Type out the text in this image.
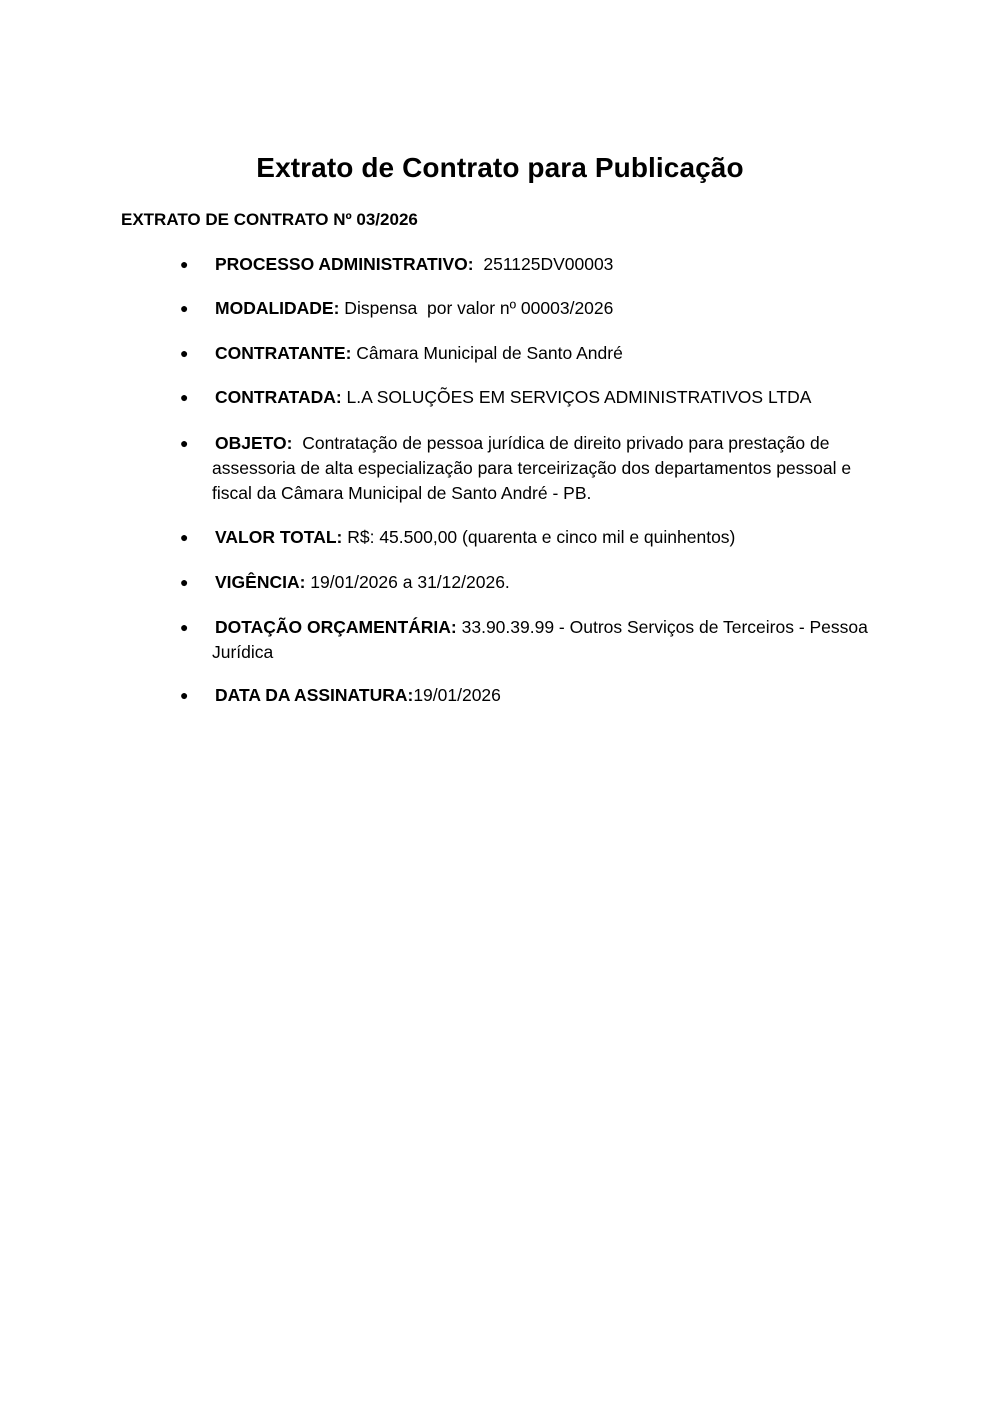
Extrato de Contrato para Publicação

EXTRATO DE CONTRATO Nº 03/2026

● PROCESSO ADMINISTRATIVO:  251125DV00003
● MODALIDADE: Dispensa  por valor nº 00003/2026
● CONTRATANTE: Câmara Municipal de Santo André
● CONTRATADA: L.A SOLUÇÕES EM SERVIÇOS ADMINISTRATIVOS LTDA
● OBJETO:  Contratação de pessoa jurídica de direito privado para prestação de assessoria de alta especialização para terceirização dos departamentos pessoal e fiscal da Câmara Municipal de Santo André - PB.
● VALOR TOTAL: R$: 45.500,00 (quarenta e cinco mil e quinhentos)
● VIGÊNCIA: 19/01/2026 a 31/12/2026.
● DOTAÇÃO ORÇAMENTÁRIA: 33.90.39.99 - Outros Serviços de Terceiros - Pessoa Jurídica
● DATA DA ASSINATURA:19/01/2026
